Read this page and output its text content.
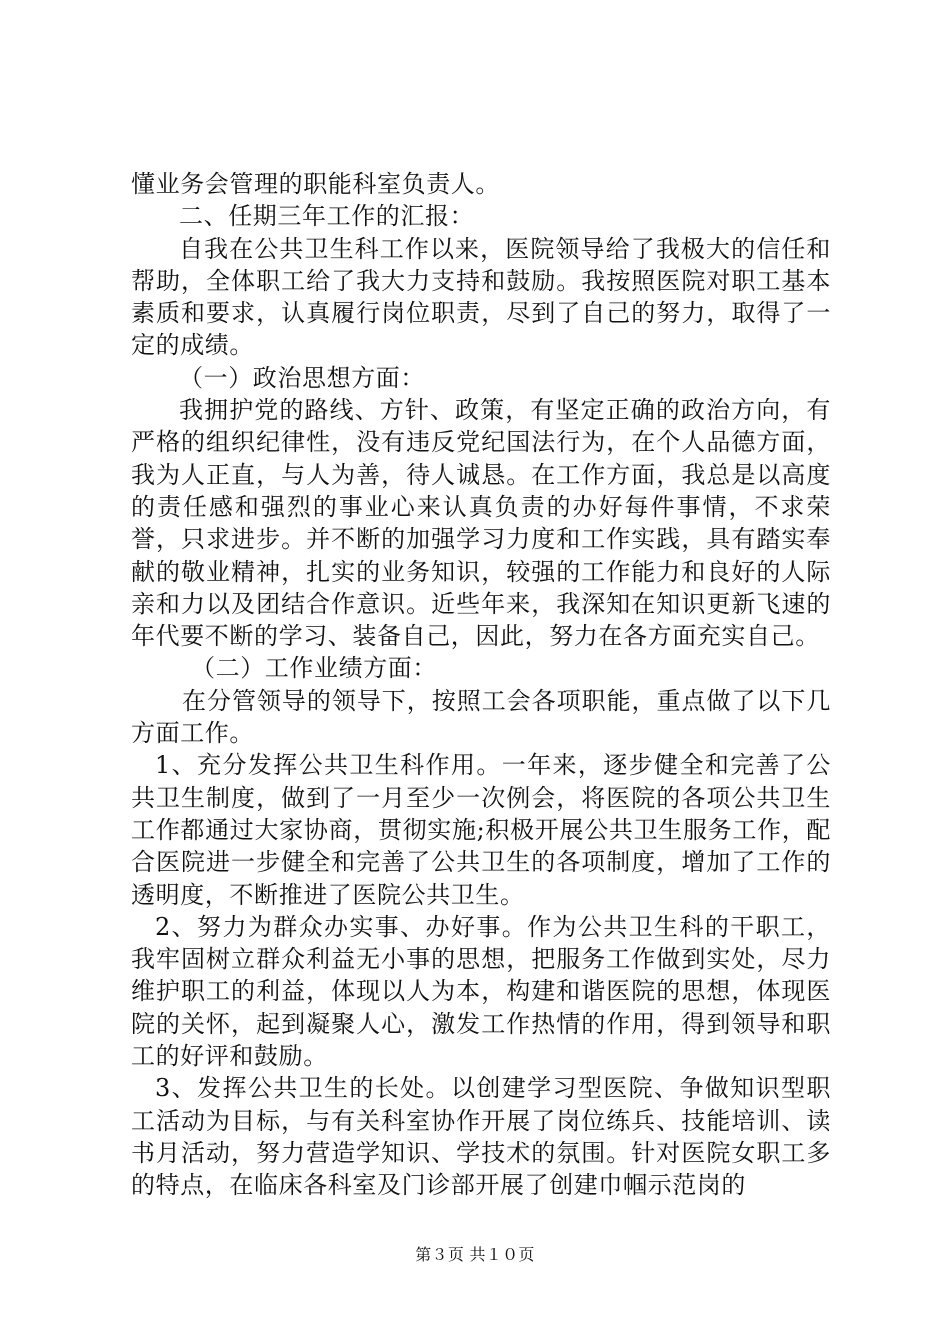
懂业务会管理的职能科室负责人。

二、任期三年工作的汇报：

自我在公共卫生科工作以来，医院领导给了我极大的信任和帮助，全体职工给了我大力支持和鼓励。我按照医院对职工基本素质和要求，认真履行岗位职责，尽到了自己的努力，取得了一定的成绩。

（一）政治思想方面：

我拥护党的路线、方针、政策，有坚定正确的政治方向，有严格的组织纪律性，没有违反党纪国法行为，在个人品德方面，我为人正直，与人为善，待人诚恳。在工作方面，我总是以高度的责任感和强烈的事业心来认真负责的办好每件事情，不求荣誉，只求进步。并不断的加强学习力度和工作实践，具有踏实奉献的敬业精神，扎实的业务知识，较强的工作能力和良好的人际亲和力以及团结合作意识。近些年来，我深知在知识更新飞速的年代要不断的学习、装备自己，因此，努力在各方面充实自己。

（二）工作业绩方面：

在分管领导的领导下，按照工会各项职能，重点做了以下几方面工作。

1、充分发挥公共卫生科作用。一年来，逐步健全和完善了公共卫生制度，做到了一月至少一次例会，将医院的各项公共卫生工作都通过大家协商，贯彻实施;积极开展公共卫生服务工作，配合医院进一步健全和完善了公共卫生的各项制度，增加了工作的透明度，不断推进了医院公共卫生。

2、努力为群众办实事、办好事。作为公共卫生科的干职工，我牢固树立群众利益无小事的思想，把服务工作做到实处，尽力维护职工的利益，体现以人为本，构建和谐医院的思想，体现医院的关怀，起到凝聚人心，激发工作热情的作用，得到领导和职工的好评和鼓励。

3、发挥公共卫生的长处。以创建学习型医院、争做知识型职工活动为目标，与有关科室协作开展了岗位练兵、技能培训、读书月活动，努力营造学知识、学技术的氛围。针对医院女职工多的特点，在临床各科室及门诊部开展了创建巾帼示范岗的

第３页 共１０页
